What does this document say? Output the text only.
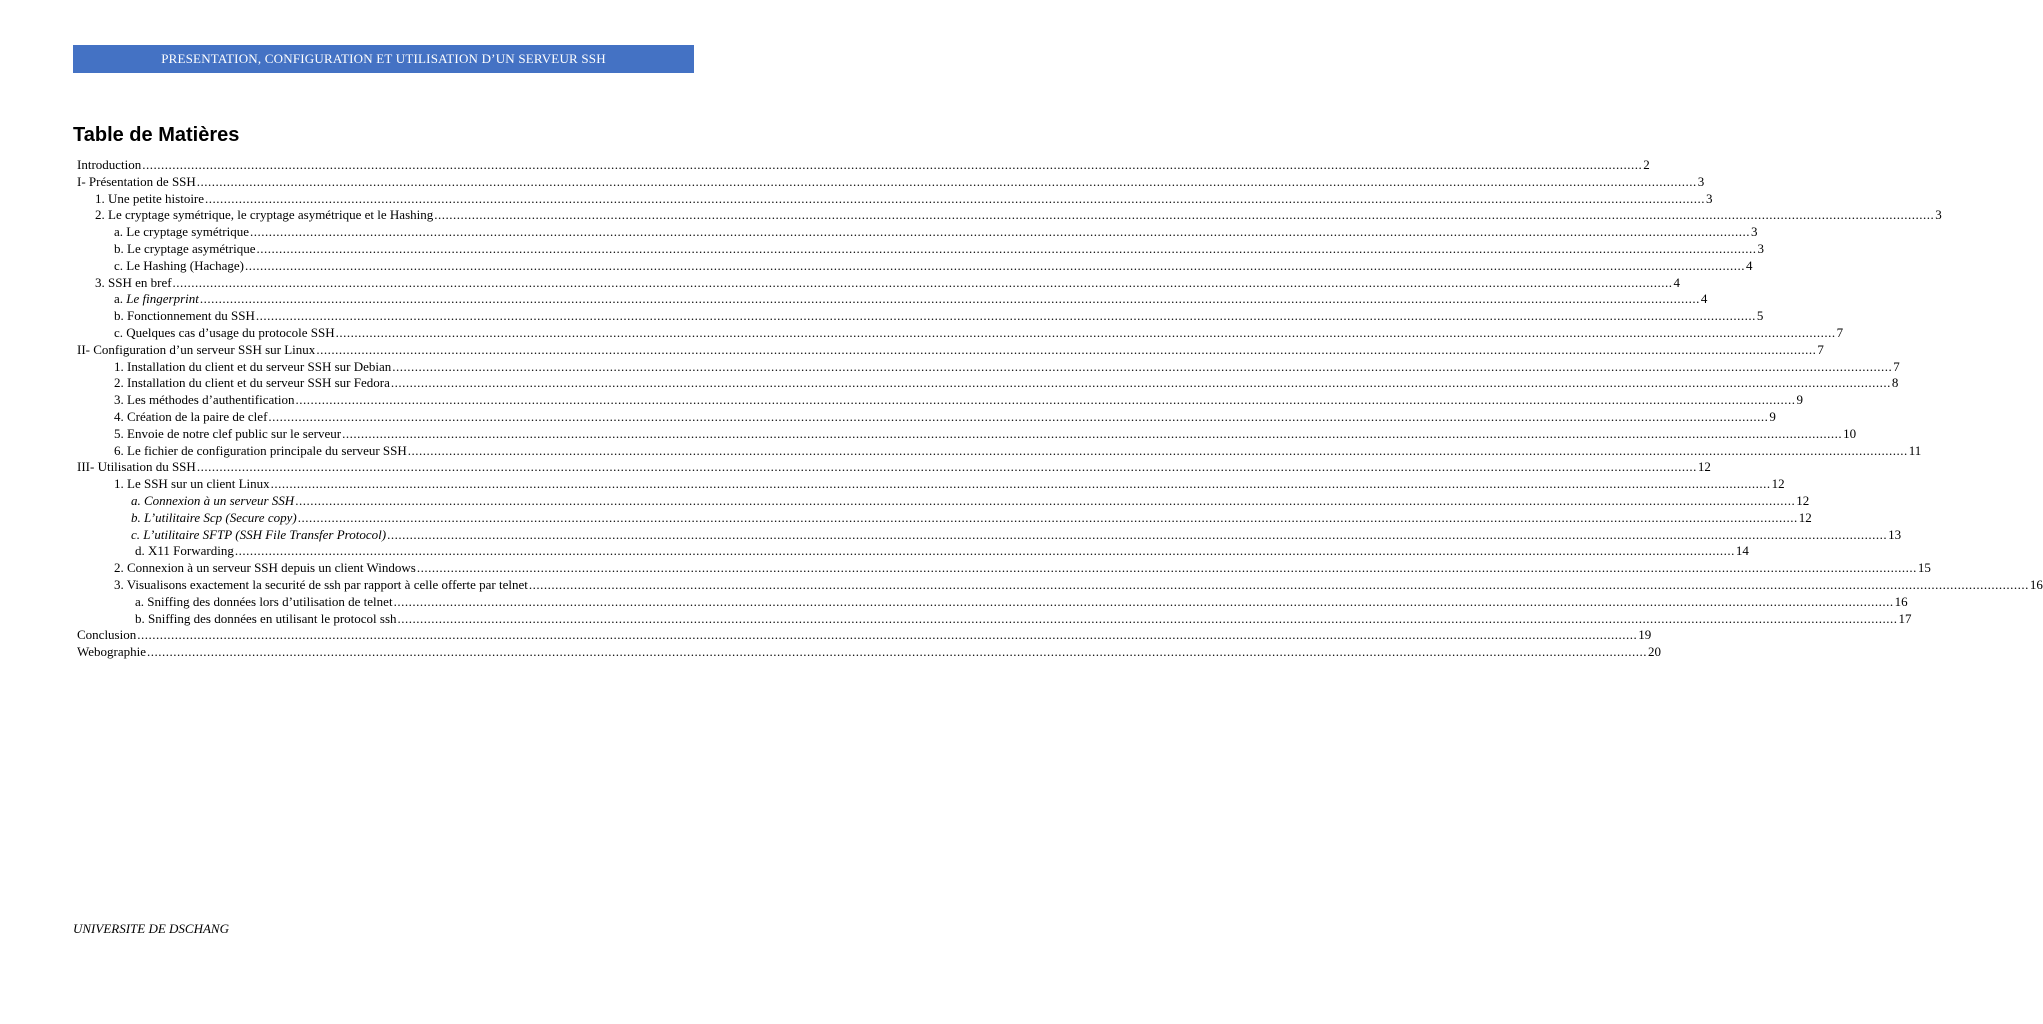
PRESENTATION, CONFIGURATION ET UTILISATION D’UN SERVEUR SSH
Table de Matières
Introduction ................................................................................................................................................................................................................................................................................................................................................................................................................ 2
I- Présentation de SSH ................................................................................................................................................................................................................................................................................................................................................................................................................ 3
1. Une petite histoire ................................................................................................................................................................................................................................................................................................................................................................................................................ 3
2. Le cryptage symétrique, le cryptage asymétrique et le Hashing ................................................................................................................................................................................................................................................................................................................................................................................................................ 3
a. Le cryptage symétrique ................................................................................................................................................................................................................................................................................................................................................................................................................ 3
b. Le cryptage asymétrique ................................................................................................................................................................................................................................................................................................................................................................................................................ 3
c. Le Hashing (Hachage) ................................................................................................................................................................................................................................................................................................................................................................................................................ 4
3. SSH en bref ................................................................................................................................................................................................................................................................................................................................................................................................................ 4
a. Le fingerprint ................................................................................................................................................................................................................................................................................................................................................................................................................ 4
b. Fonctionnement du SSH ................................................................................................................................................................................................................................................................................................................................................................................................................ 5
c. Quelques cas d’usage du protocole SSH ................................................................................................................................................................................................................................................................................................................................................................................................................ 7
II- Configuration d’un serveur SSH sur Linux ................................................................................................................................................................................................................................................................................................................................................................................................................ 7
1. Installation du client et du serveur SSH sur Debian ................................................................................................................................................................................................................................................................................................................................................................................................................ 7
2. Installation du client et du serveur SSH sur Fedora ................................................................................................................................................................................................................................................................................................................................................................................................................ 8
3. Les méthodes d’authentification ................................................................................................................................................................................................................................................................................................................................................................................................................ 9
4. Création de la paire de clef ................................................................................................................................................................................................................................................................................................................................................................................................................ 9
5. Envoie de notre clef public sur le serveur ................................................................................................................................................................................................................................................................................................................................................................................................................ 10
6. Le fichier de configuration principale du serveur SSH ................................................................................................................................................................................................................................................................................................................................................................................................................ 11
III- Utilisation du SSH ................................................................................................................................................................................................................................................................................................................................................................................................................ 12
1. Le SSH sur un client Linux ................................................................................................................................................................................................................................................................................................................................................................................................................ 12
a. Connexion à un serveur SSH ................................................................................................................................................................................................................................................................................................................................................................................................................ 12
b. L’utilitaire Scp (Secure copy) ................................................................................................................................................................................................................................................................................................................................................................................................................ 12
c. L’utilitaire SFTP (SSH File Transfer Protocol) ................................................................................................................................................................................................................................................................................................................................................................................................................ 13
d. X11 Forwarding ................................................................................................................................................................................................................................................................................................................................................................................................................ 14
2. Connexion à un serveur SSH depuis un client Windows ................................................................................................................................................................................................................................................................................................................................................................................................................ 15
3. Visualisons exactement la securité de ssh par rapport à celle offerte par telnet ................................................................................................................................................................................................................................................................................................................................................................................................................ 16
a. Sniffing des données lors d’utilisation de telnet ................................................................................................................................................................................................................................................................................................................................................................................................................ 16
b. Sniffing des données en utilisant le protocol ssh ................................................................................................................................................................................................................................................................................................................................................................................................................ 17
Conclusion ................................................................................................................................................................................................................................................................................................................................................................................................................ 19
Webographie ................................................................................................................................................................................................................................................................................................................................................................................................................ 20
UNIVERSITE DE DSCHANG
